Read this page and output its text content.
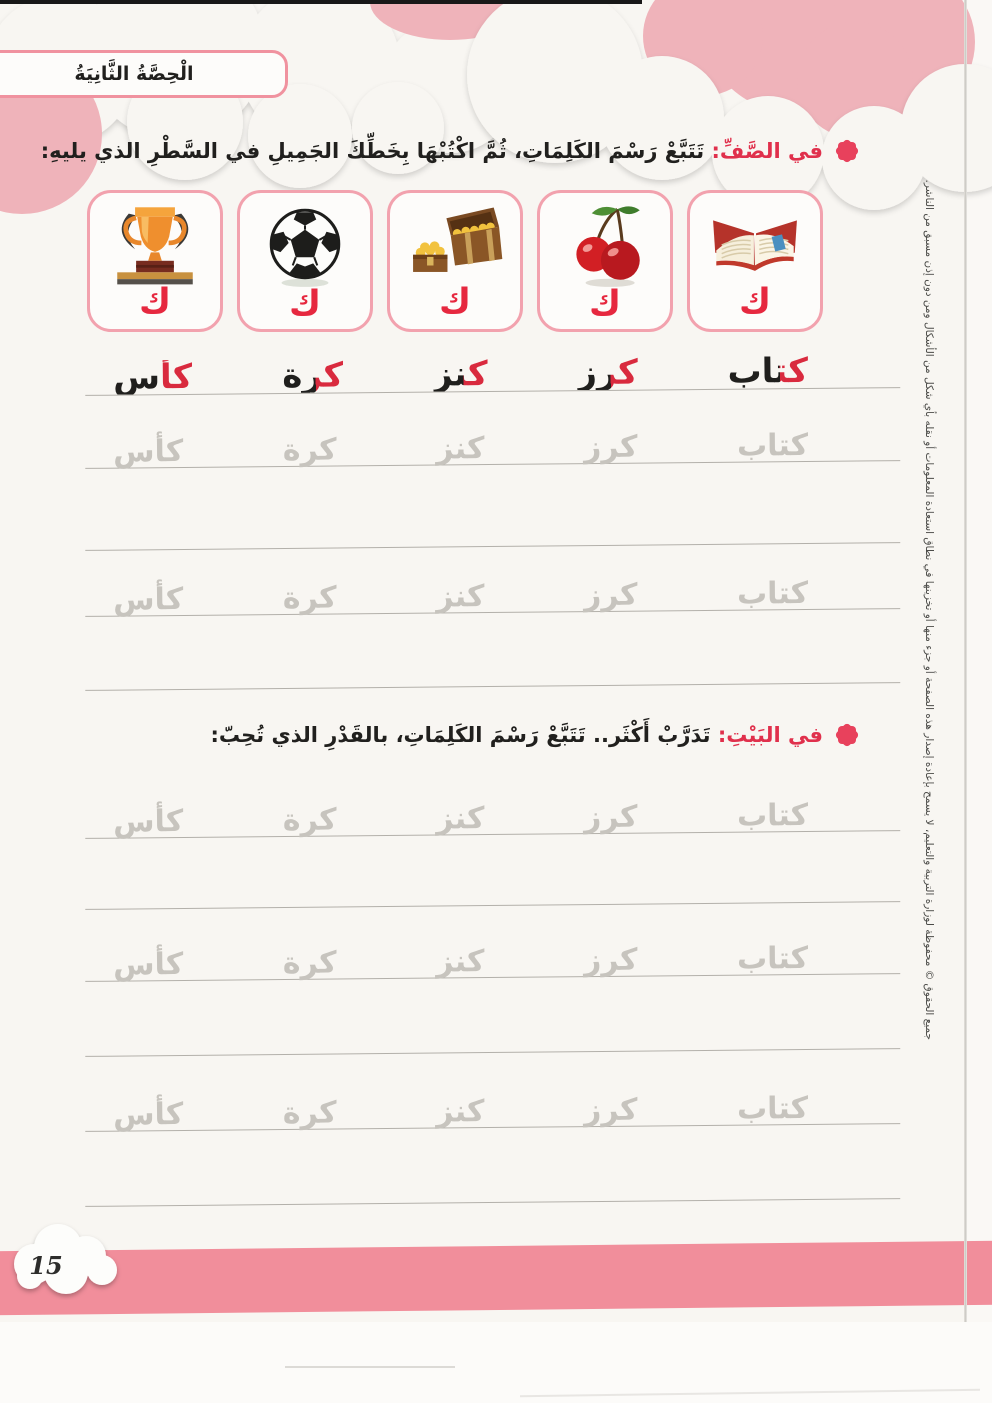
الْحِصَّةُ الثَّانِيَةُ

في الصَّفِّ: تَتَبَّعْ رَسْمَ الكَلِمَاتِ، ثُمَّ اكْتُبْهَا بِخَطِّكَ الجَمِيلِ في السَّطْرِ الذي يليهِ:

ك
ك
ك
ك
ك
كتاب
كرز
كنز
كرة
كأس
كتاب
كرز
كنز
كرة
كأس
كتاب
كرز
كنز
كرة
كأس

في البَيْتِ: تَدَرَّبْ أَكْثَر.. تَتَبَّعْ رَسْمَ الكَلِمَاتِ، بالقَدْرِ الذي تُحِبّ:

كتاب
كرز
كنز
كرة
كأس
كتاب
كرز
كنز
كرة
كأس
كتاب
كرز
كنز
كرة
كأس
جميع الحقوق © محفوظة لوزارة التربية والتعليم، لا يسمح بإعادة إصدار هذه الصفحة أو جزء منها أو تخزينها في نطاق استعادة المعلومات أو نقله بأي شكل من الأشكال ومن دون إذن مسبق من الناشر.
15
